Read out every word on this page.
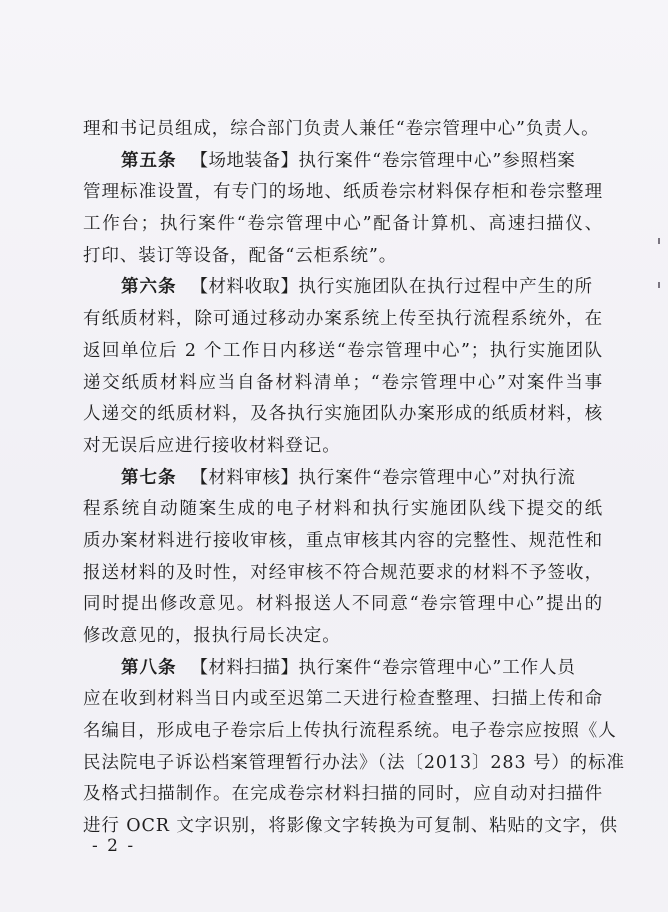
理和书记员组成，综合部门负责人兼任“卷宗管理中心”负责人。
第五条 【场地装备】执行案件“卷宗管理中心”参照档案
管理标准设置，有专门的场地、纸质卷宗材料保存柜和卷宗整理
工作台；执行案件“卷宗管理中心”配备计算机、高速扫描仪、
打印、装订等设备，配备“云柜系统”。
第六条 【材料收取】执行实施团队在执行过程中产生的所
有纸质材料，除可通过移动办案系统上传至执行流程系统外，在
返回单位后 2 个工作日内移送“卷宗管理中心”；执行实施团队
递交纸质材料应当自备材料清单；“卷宗管理中心”对案件当事
人递交的纸质材料，及各执行实施团队办案形成的纸质材料，核
对无误后应进行接收材料登记。
第七条 【材料审核】执行案件“卷宗管理中心”对执行流
程系统自动随案生成的电子材料和执行实施团队线下提交的纸
质办案材料进行接收审核，重点审核其内容的完整性、规范性和
报送材料的及时性，对经审核不符合规范要求的材料不予签收，
同时提出修改意见。材料报送人不同意“卷宗管理中心”提出的
修改意见的，报执行局长决定。
第八条 【材料扫描】执行案件“卷宗管理中心”工作人员
应在收到材料当日内或至迟第二天进行检查整理、扫描上传和命
名编目，形成电子卷宗后上传执行流程系统。电子卷宗应按照《人
民法院电子诉讼档案管理暂行办法》（法〔2013〕283 号）的标准
及格式扫描制作。在完成卷宗材料扫描的同时，应自动对扫描件
进行 OCR 文字识别，将影像文字转换为可复制、粘贴的文字，供
- 2 -
